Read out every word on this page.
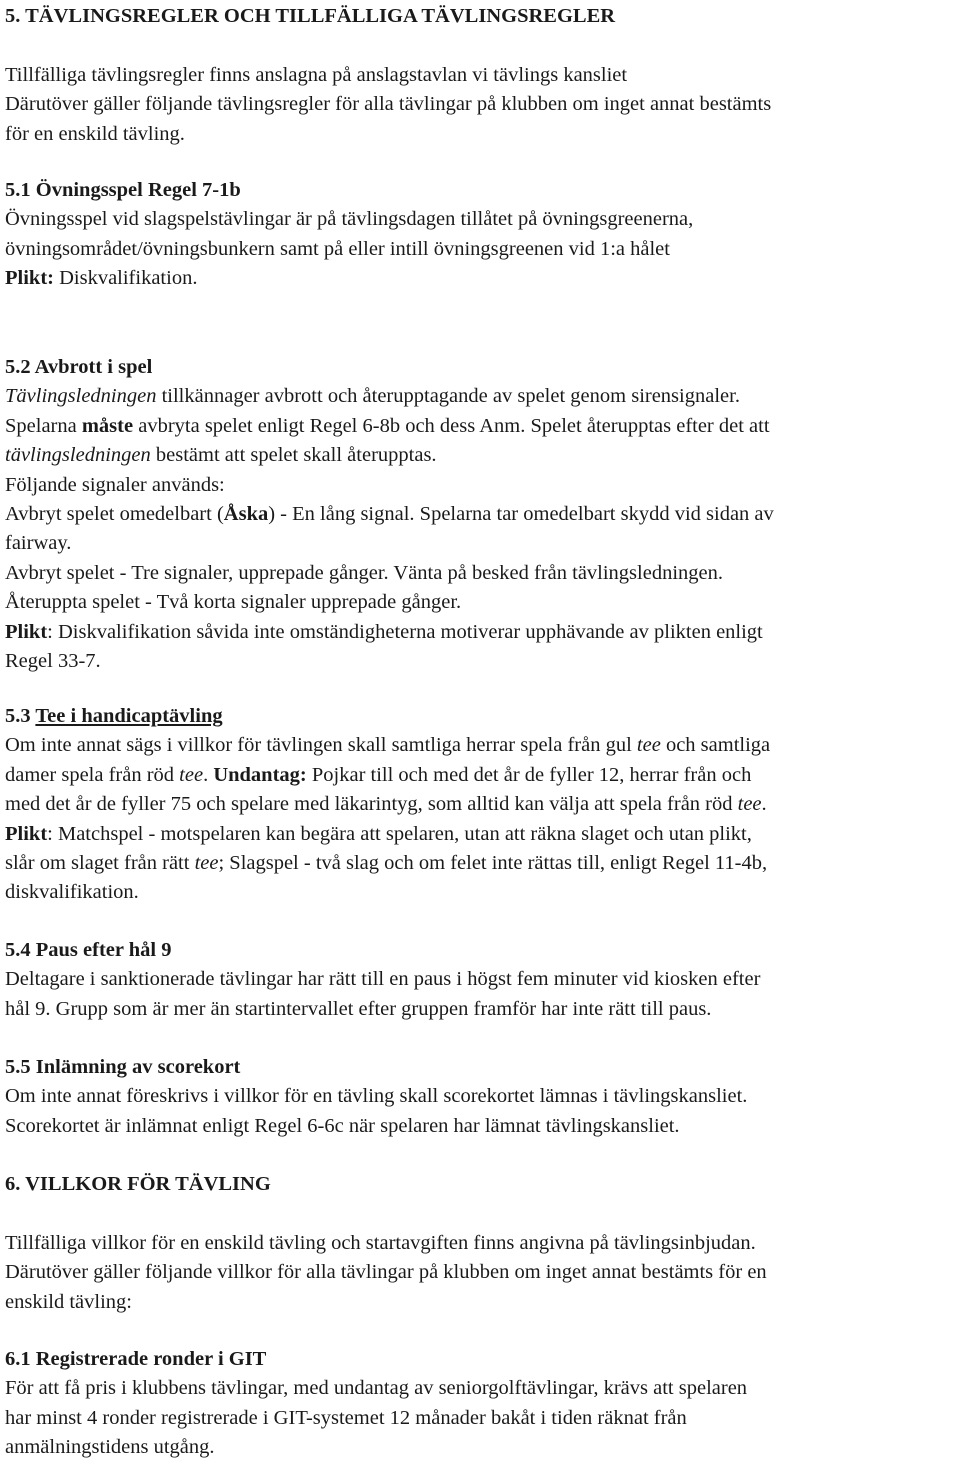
5. TÄVLINGSREGLER OCH TILLFÄLLIGA TÄVLINGSREGLER
Tillfälliga tävlingsregler finns anslagna på anslagstavlan vi tävlings kansliet
Därutöver gäller följande tävlingsregler för alla tävlingar på klubben om inget annat bestämts
för en enskild tävling.
5.1 Övningsspel Regel 7-1b
Övningsspel vid slagspelstävlingar är på tävlingsdagen tillåtet på övningsgreenerna,
övningsområdet/övningsbunkern samt på eller intill övningsgreenen vid 1:a hålet
Plikt: Diskvalifikation.
5.2 Avbrott i spel
Tävlingsledningen tillkännager avbrott och återupptagande av spelet genom sirensignaler.
Spelarna måste avbryta spelet enligt Regel 6-8b och dess Anm. Spelet återupptas efter det att
tävlingsledningen bestämt att spelet skall återupptas.
Följande signaler används:
Avbryt spelet omedelbart (Åska) - En lång signal. Spelarna tar omedelbart skydd vid sidan av
fairway.
Avbryt spelet - Tre signaler, upprepade gånger. Vänta på besked från tävlingsledningen.
Återuppta spelet - Två korta signaler upprepade gånger.
Plikt: Diskvalifikation såvida inte omständigheterna motiverar upphävande av plikten enligt
Regel 33-7.
5.3 Tee i handicaptävling
Om inte annat sägs i villkor för tävlingen skall samtliga herrar spela från gul tee och samtliga
damer spela från röd tee. Undantag: Pojkar till och med det år de fyller 12, herrar från och
med det år de fyller 75 och spelare med läkarintyg, som alltid kan välja att spela från röd tee.
Plikt: Matchspel - motspelaren kan begära att spelaren, utan att räkna slaget och utan plikt,
slår om slaget från rätt tee; Slagspel - två slag och om felet inte rättas till, enligt Regel 11-4b,
diskvalifikation.
5.4 Paus efter hål 9
Deltagare i sanktionerade tävlingar har rätt till en paus i högst fem minuter vid kiosken efter
hål 9. Grupp som är mer än startintervallet efter gruppen framför har inte rätt till paus.
5.5 Inlämning av scorekort
Om inte annat föreskrivs i villkor för en tävling skall scorekortet lämnas i tävlingskansliet.
Scorekortet är inlämnat enligt Regel 6-6c när spelaren har lämnat tävlingskansliet.
6. VILLKOR FÖR TÄVLING
Tillfälliga villkor för en enskild tävling och startavgiften finns angivna på tävlingsinbjudan.
Därutöver gäller följande villkor för alla tävlingar på klubben om inget annat bestämts för en
enskild tävling:
6.1 Registrerade ronder i GIT
För att få pris i klubbens tävlingar, med undantag av seniorgolftävlingar, krävs att spelaren
har minst 4 ronder registrerade i GIT-systemet 12 månader bakåt i tiden räknat från
anmälningstidens utgång.
